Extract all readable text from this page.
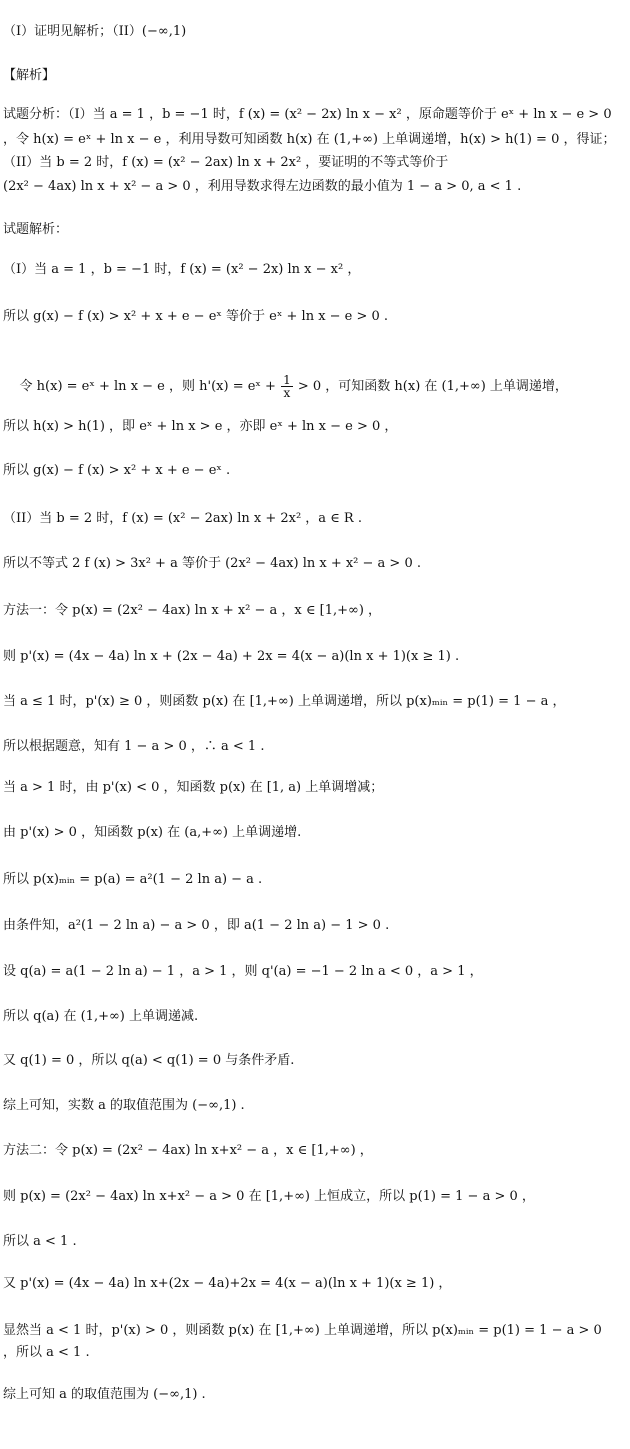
（I）证明见解析；（II）(−∞,1)
【解析】
试题分析：（I）当 a = 1 ，b = −1 时，f (x) = (x² − 2x) ln x − x² ，原命题等价于 eˣ + ln x − e > 0
，令 h(x) = eˣ + ln x − e ，利用导数可知函数 h(x) 在 (1,+∞) 上单调递增，h(x) > h(1) = 0 ，得证；
（II）当 b = 2 时，f (x) = (x² − 2ax) ln x + 2x² ，要证明的不等式等价于
(2x² − 4ax) ln x + x² − a > 0 ，利用导数求得左边函数的最小值为 1 − a > 0, a < 1 .
试题解析：
（I）当 a = 1 ，b = −1 时，f (x) = (x² − 2x) ln x − x² ，
所以 g(x) − f (x) > x² + x + e − eˣ 等价于 eˣ + ln x − e > 0 .

令 h(x) = eˣ + ln x − e ，则 h'(x) = eˣ + $\frac{1}{x} > 0$ ，可知函数 h(x) 在 (1,+∞) 上单调递增，

所以 h(x) > h(1) ，即 eˣ + ln x > e ，亦即 eˣ + ln x − e > 0 ，
所以 g(x) − f (x) > x² + x + e − eˣ .
（II）当 b = 2 时，f (x) = (x² − 2ax) ln x + 2x² ，a ∈ R .
所以不等式 2 f (x) > 3x² + a 等价于 (2x² − 4ax) ln x + x² − a > 0 .
方法一：令 p(x) = (2x² − 4ax) ln x + x² − a ，x ∈ [1,+∞) ，
则 p'(x) = (4x − 4a) ln x + (2x − 4a) + 2x = 4(x − a)(ln x + 1)(x ≥ 1) .
当 a ≤ 1 时，p'(x) ≥ 0 ，则函数 p(x) 在 [1,+∞) 上单调递增，所以 p(x)ₘᵢₙ = p(1) = 1 − a ，
所以根据题意，知有 1 − a > 0 ，∴ a < 1 .
当 a > 1 时，由 p'(x) < 0 ，知函数 p(x) 在 [1, a) 上单调增减；
由 p'(x) > 0 ，知函数 p(x) 在 (a,+∞) 上单调递增.
所以 p(x)ₘᵢₙ = p(a) = a²(1 − 2 ln a) − a .
由条件知，a²(1 − 2 ln a) − a > 0 ，即 a(1 − 2 ln a) − 1 > 0 .
设 q(a) = a(1 − 2 ln a) − 1 ，a > 1 ，则 q'(a) = −1 − 2 ln a < 0 ，a > 1 ，
所以 q(a) 在 (1,+∞) 上单调递减.
又 q(1) = 0 ，所以 q(a) < q(1) = 0 与条件矛盾.
综上可知，实数 a 的取值范围为 (−∞,1) .
方法二：令 p(x) = (2x² − 4ax) ln x+x² − a ，x ∈ [1,+∞) ，
则 p(x) = (2x² − 4ax) ln x+x² − a > 0 在 [1,+∞) 上恒成立，所以 p(1) = 1 − a > 0 ，
所以 a < 1 .
又 p'(x) = (4x − 4a) ln x+(2x − 4a)+2x = 4(x − a)(ln x + 1)(x ≥ 1) ，
显然当 a < 1 时，p'(x) > 0 ，则函数 p(x) 在 [1,+∞) 上单调递增，所以 p(x)ₘᵢₙ = p(1) = 1 − a > 0
，所以 a < 1 .
综上可知 a 的取值范围为 (−∞,1) .
